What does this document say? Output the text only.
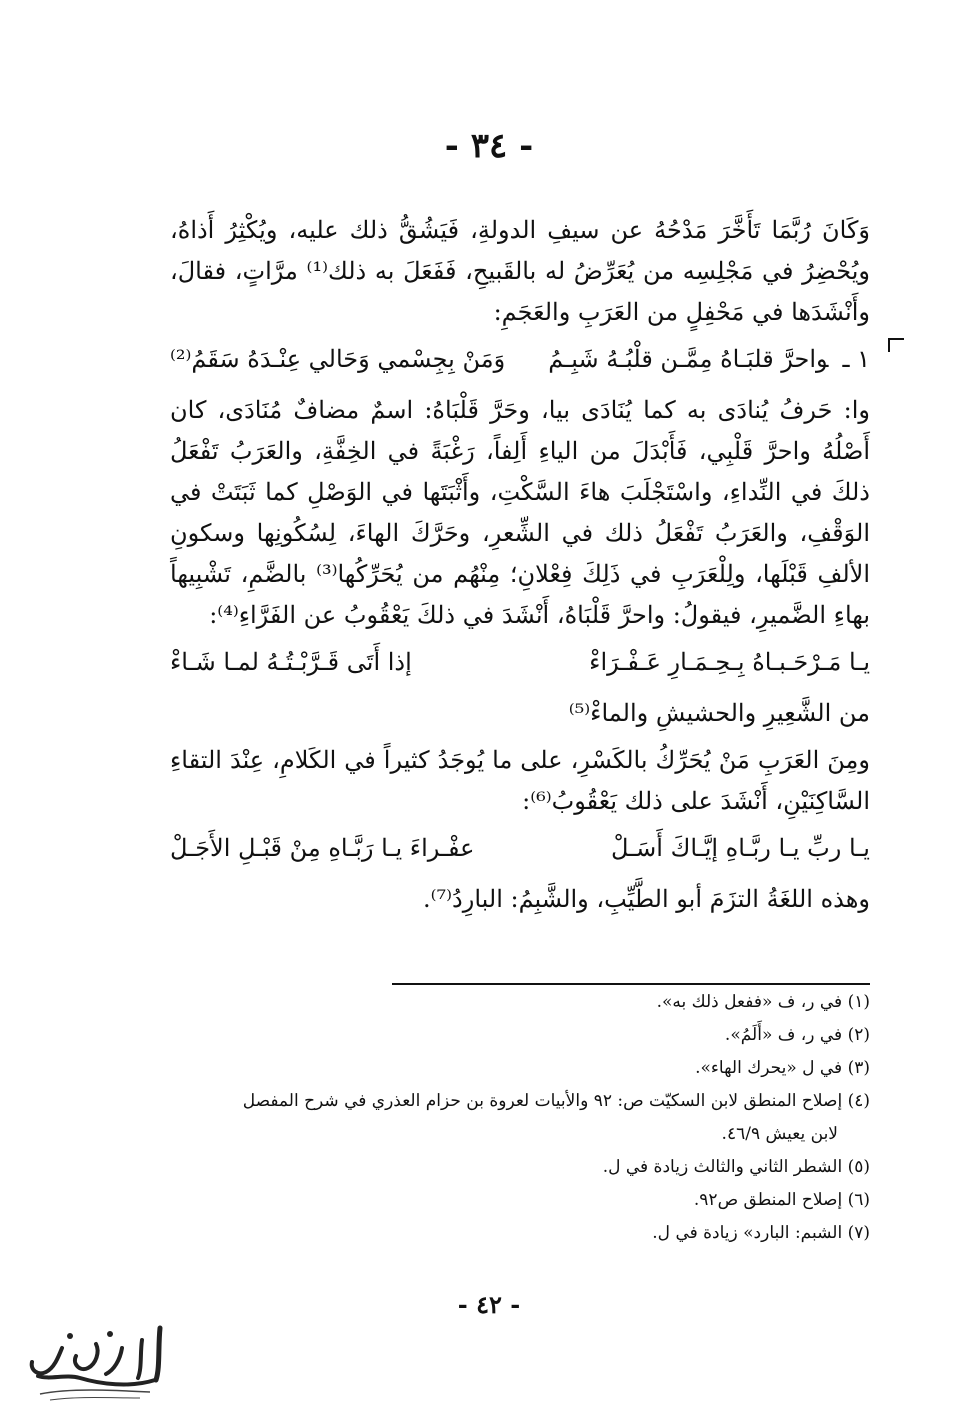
- ٣٤ -

وَكَانَ رُبَّمَا تَأَخَّرَ مَدْحُهُ عن سيفِ الدولةِ، فَيَشُقُّ ذلك عليه، ويُكْثِرُ أَذاهُ، ويُحْضِرُ في مَجْلِسِه من يُعَرِّضُ له بالقَبيحِ، فَفَعَلَ به ذلك⁽¹⁾ مرَّاتٍ، فقالَ، وأَنْشَدَها في مَحْفِلٍ من العَرَبِ والعَجَمِ:

١ ـواحرَّ قلبَـاهُ مِمَّـن قلْبُـهُ شَبِـمُ
وَمَنْ بِجِسْمي وَحَالي عِنْـدَهُ سَقَمُ⁽²⁾

وا: حَرفُ يُنادَى به كما يُنَادَى بيا، وحَرَّ قَلْبَاهُ: اسمٌ مضافٌ مُنَادَى، كان أَصْلُهُ واحرَّ قَلْبِي، فَأَبْدَلَ من الياءِ أَلِفاً، رَغْبَةً في الخِفَّةِ، والعَرَبُ تَفْعَلُ ذلكَ في النِّداءِ، واسْتَجْلَبَ هاءَ السَّكْتِ، وأَثْبَتَها في الوَصْلِ كما ثَبَتَتْ في الوَقْفِ، والعَرَبُ تَفْعَلُ ذلك في الشِّعرِ، وحَرَّكَ الهاءَ، لِسُكُونِها وسكونِ الألفِ قَبْلَها، ولِلْعَرَبِ في ذَلِكَ فِعْلانِ؛ مِنْهُم من يُحَرِّكُها⁽³⁾ بالضَّمِ، تَشْبِيهاً بهاءِ الضَّميرِ، فيقولُ: واحرَّ قَلْبَاهُ، أَنْشَدَ في ذلكَ يَعْقُوبُ عن الفَرَّاءِ⁽⁴⁾:

يـا مَـرْحَـبـاهُ بِـحِـمَـارِ عَـفْـرَاءْ
إذا أَتَى قَـرَّبْـتُـهُ لمـا شَـاءْ

من الشَّعِيرِ والحشيشِ والماءْ⁽⁵⁾

ومِنَ العَرَبِ مَنْ يُحَرِّكُ بالكَسْرِ، على ما يُوجَدُ كثيراً في الكَلامِ، عِنْدَ التقاءِ السَّاكِنَيْنِ، أَنْشَدَ على ذلك يَعْقُوبُ⁽⁶⁾:

يـا ربِّ يـا ربَّـاهِ إيَّـاكَ أَسَـلْ
عفْـراءَ يـا رَبَّـاهِ مِنْ قَبْـلِ الأَجَـلْ

وهذه اللغَةُ التزَمَ أبو الطَّيِّبِ، والشَّبِمُ: البارِدُ⁽⁷⁾.

(١) في ر، ف «ففعل ذلك به».

(٢) في ر، ف «أَلَمُ».

(٣) في ل «يحرك الهاء».

(٤) إصلاح المنطق لابن السكيّت ص: ٩٢ والأبيات لعروة بن حزام العذري في شرح المفصل

لابن يعيش ٤٦/٩.

(٥) الشطر الثاني والثالث زيادة في ل.

(٦) إصلاح المنطق ص٩٢.

(٧) الشبم: البارد» زيادة في ل.

- ٤٢ -
